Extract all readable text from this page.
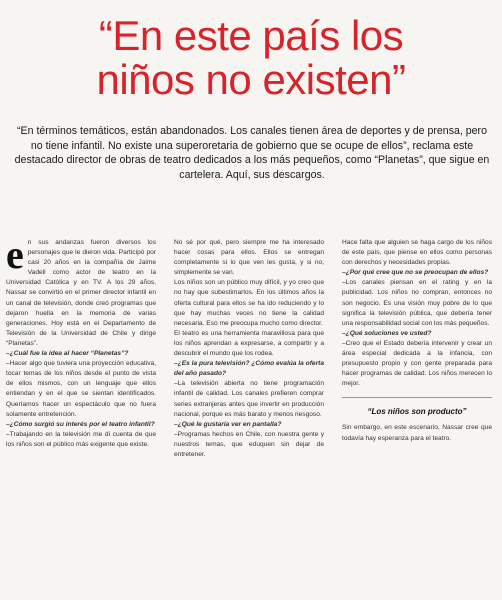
“En este país los
niños no existen”
“En términos temáticos, están abandonados. Los canales tienen área de deportes y de prensa, pero no tiene infantil. No existe una superoretaria de gobierno que se ocupe de ellos”, reclama este destacado director de obras de teatro dedicados a los más pequeños, como “Planetas”, que sigue en cartelera. Aquí, sus descargos.
e n sus andanzas fueron diversos los personajes que le dieron vida. Participó por casi 20 años en la compañía de Jaime Vadell como actor de teatro en la Universidad Católica y en TV. A los 29 años, Nassar se convirtió en el primer director infantil en un canal de televisión, donde creó programas que dejaron huella en la memoria de varias generaciones. Hoy está en el Departamento de Televisión de la Universidad de Chile y dirige “Planetas”.

–¿Cuál fue la idea al hacer “Planetas”?

–Hacer algo que tuviera una proyección educativa, tocar temas de los niños desde el punto de vista de ellos mismos, con un lenguaje que ellos entiendan y en el que se sientan identificados. Queríamos hacer un espectáculo que no fuera solamente entretención.

–¿Cómo surgió su interés por el teatro infantil?

–Trabajando en la televisión me di cuenta de que los niños son el público más exigente que existe.

No sé por qué, pero siempre me ha interesado hacer cosas para ellos. Ellos se entregan completamente si lo que ven les gusta, y si no, simplemente se van.

Los niños son un público muy difícil, y yo creo que no hay que subestimarlos. En los últimos años la oferta cultural para ellos se ha ido reduciendo y lo que hay muchas veces no tiene la calidad necesaria. Eso me preocupa mucho como director.

El teatro es una herramienta maravillosa para que los niños aprendan a expresarse, a compartir y a descubrir el mundo que los rodea.

–¿Es la pura televisión? ¿Cómo evalúa la oferta del año pasado?

–La televisión abierta no tiene programación infantil de calidad. Los canales prefieren comprar series extranjeras antes que invertir en producción nacional, porque es más barato y menos riesgoso.

–¿Qué le gustaría ver en pantalla?

–Programas hechos en Chile, con nuestra gente y nuestros temas, que eduquen sin dejar de entretener.

Hace falta que alguien se haga cargo de los niños de este país, que piense en ellos como personas con derechos y necesidades propias.

–¿Por qué cree que no se preocupan de ellos?

–Los canales piensan en el rating y en la publicidad. Los niños no compran, entonces no son negocio. Es una visión muy pobre de lo que significa la televisión pública, que debería tener una responsabilidad social con los más pequeños.

–¿Qué soluciones ve usted?

–Creo que el Estado debería intervenir y crear un área especial dedicada a la infancia, con presupuesto propio y con gente preparada para hacer programas de calidad. Los niños merecen lo mejor.

“Los niños son producto”

Sin embargo, en este escenario, Nassar cree que todavía hay esperanza para el teatro.
